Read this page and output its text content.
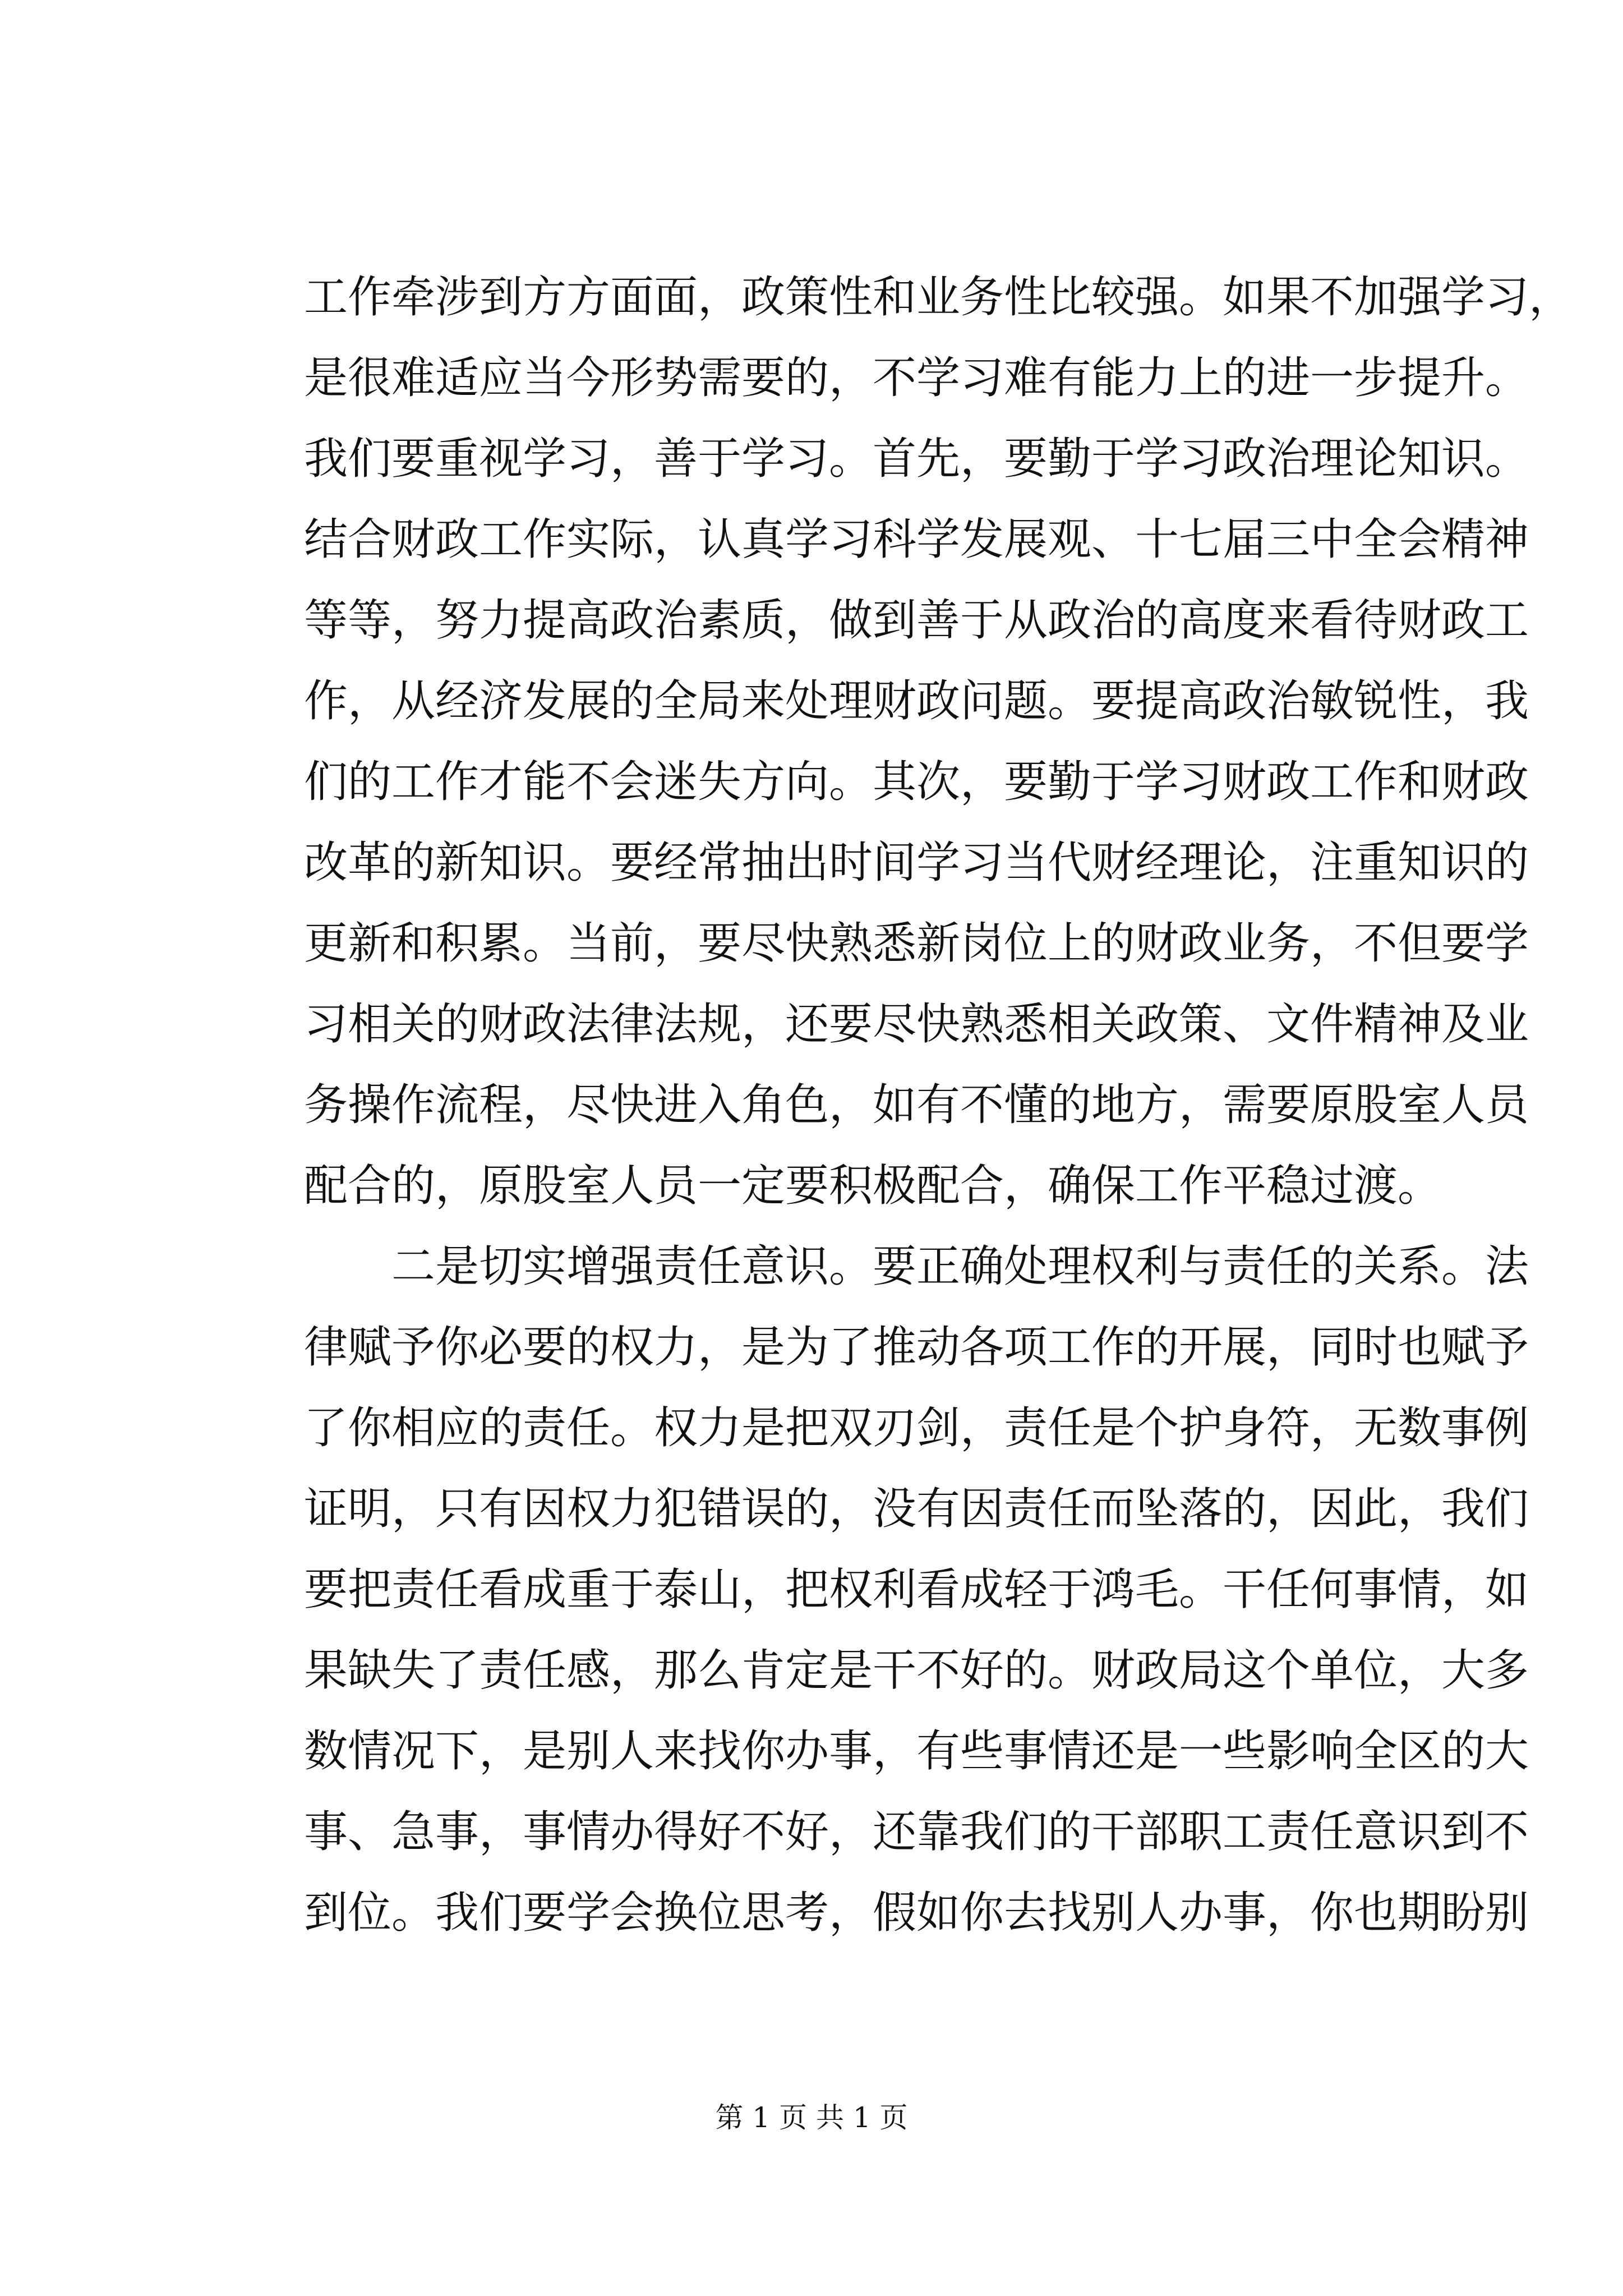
工作牵涉到方方面面，政策性和业务性比较强。如果不加强学习，
是很难适应当今形势需要的，不学习难有能力上的进一步提升。
我们要重视学习，善于学习。首先，要勤于学习政治理论知识。
结合财政工作实际，认真学习科学发展观、十七届三中全会精神
等等，努力提高政治素质，做到善于从政治的高度来看待财政工
作，从经济发展的全局来处理财政问题。要提高政治敏锐性，我
们的工作才能不会迷失方向。其次，要勤于学习财政工作和财政
改革的新知识。要经常抽出时间学习当代财经理论，注重知识的
更新和积累。当前，要尽快熟悉新岗位上的财政业务，不但要学
习相关的财政法律法规，还要尽快熟悉相关政策、文件精神及业
务操作流程，尽快进入角色，如有不懂的地方，需要原股室人员
配合的，原股室人员一定要积极配合，确保工作平稳过渡。
二是切实增强责任意识。要正确处理权利与责任的关系。法
律赋予你必要的权力，是为了推动各项工作的开展，同时也赋予
了你相应的责任。权力是把双刃剑，责任是个护身符，无数事例
证明，只有因权力犯错误的，没有因责任而坠落的，因此，我们
要把责任看成重于泰山，把权利看成轻于鸿毛。干任何事情，如
果缺失了责任感，那么肯定是干不好的。财政局这个单位，大多
数情况下，是别人来找你办事，有些事情还是一些影响全区的大
事、急事，事情办得好不好，还靠我们的干部职工责任意识到不
到位。我们要学会换位思考，假如你去找别人办事，你也期盼别
第 1 页 共 1 页
